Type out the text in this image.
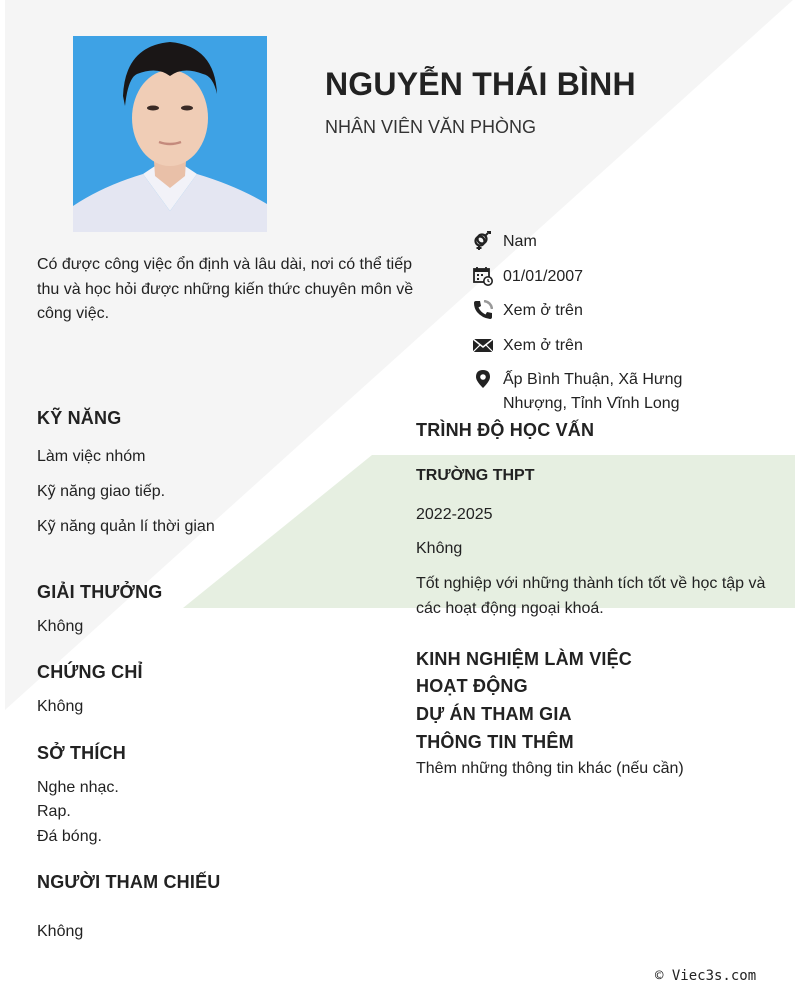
NGUYỄN THÁI BÌNH
NHÂN VIÊN VĂN PHÒNG
Có được công việc ổn định và lâu dài, nơi có thể tiếp thu và học hỏi được những kiến thức chuyên môn về công việc.
Nam
01/01/2007
Xem ở trên
Xem ở trên
Ấp Bình Thuận, Xã Hưng Nhượng, Tỉnh Vĩnh Long
KỸ NĂNG
Làm việc nhóm
Kỹ năng giao tiếp.
Kỹ năng quản lí thời gian
GIẢI THƯỞNG
Không
CHỨNG CHỈ
Không
SỞ THÍCH
Nghe nhạc.
Rap.
Đá bóng.
NGƯỜI THAM CHIẾU
Không
TRÌNH ĐỘ HỌC VẤN
TRƯỜNG THPT
2022-2025
Không
Tốt nghiệp với những thành tích tốt về học tập và các hoạt động ngoại khoá.
KINH NGHIỆM LÀM VIỆC
HOẠT ĐỘNG
DỰ ÁN THAM GIA
THÔNG TIN THÊM
Thêm những thông tin khác (nếu cần)
© Viec3s.com
